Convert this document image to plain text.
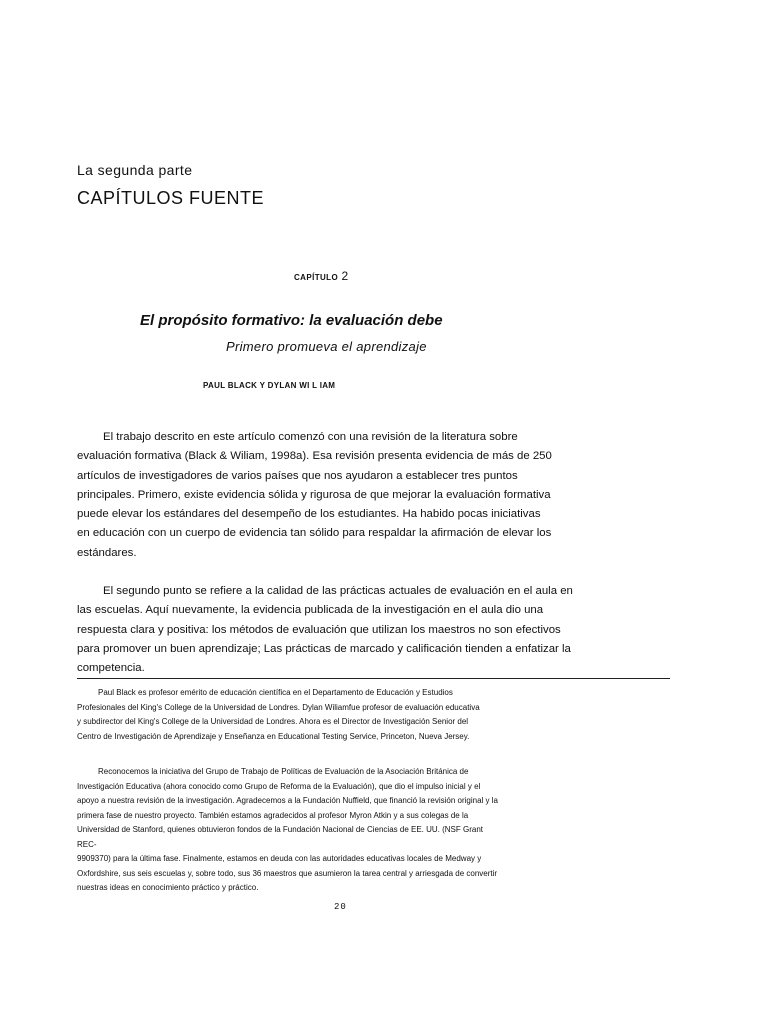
La segunda parte

CAPÍTULOS FUENTE

CAPÍTULO 2

El propósito formativo: la evaluación debe

Primero promueva el aprendizaje

PAUL BLACK Y DYLAN WI L IAM

El trabajo descrito en este artículo comenzó con una revisión de la literatura sobre
evaluación formativa (Black & Wiliam, 1998a). Esa revisión presenta evidencia de más de 250
artículos de investigadores de varios países que nos ayudaron a establecer tres puntos
principales. Primero, existe evidencia sólida y rigurosa de que mejorar la evaluación formativa
puede elevar los estándares del desempeño de los estudiantes. Ha habido pocas iniciativas
en educación con un cuerpo de evidencia tan sólido para respaldar la afirmación de elevar los
estándares.
El segundo punto se refiere a la calidad de las prácticas actuales de evaluación en el aula en
las escuelas. Aquí nuevamente, la evidencia publicada de la investigación en el aula dio una
respuesta clara y positiva: los métodos de evaluación que utilizan los maestros no son efectivos
para promover un buen aprendizaje; Las prácticas de marcado y calificación tienden a enfatizar la
competencia.
Paul Black es profesor emérito de educación científica en el Departamento de Educación y Estudios
Profesionales del King's College de la Universidad de Londres. Dylan Wiliamfue profesor de evaluación educativa
y subdirector del King's College de la Universidad de Londres. Ahora es el Director de Investigación Senior del
Centro de Investigación de Aprendizaje y Enseñanza en Educational Testing Service, Princeton, Nueva Jersey.
Reconocemos la iniciativa del Grupo de Trabajo de Políticas de Evaluación de la Asociación Británica de
Investigación Educativa (ahora conocido como Grupo de Reforma de la Evaluación), que dio el impulso inicial y el
apoyo a nuestra revisión de la investigación. Agradecemos a la Fundación Nuffield, que financió la revisión original y la
primera fase de nuestro proyecto. También estamos agradecidos al profesor Myron Atkin y a sus colegas de la
Universidad de Stanford, quienes obtuvieron fondos de la Fundación Nacional de Ciencias de EE. UU. (NSF Grant
REC-
9909370) para la última fase. Finalmente, estamos en deuda con las autoridades educativas locales de Medway y
Oxfordshire, sus seis escuelas y, sobre todo, sus 36 maestros que asumieron la tarea central y arriesgada de convertir
nuestras ideas en conocimiento práctico y práctico.

20
